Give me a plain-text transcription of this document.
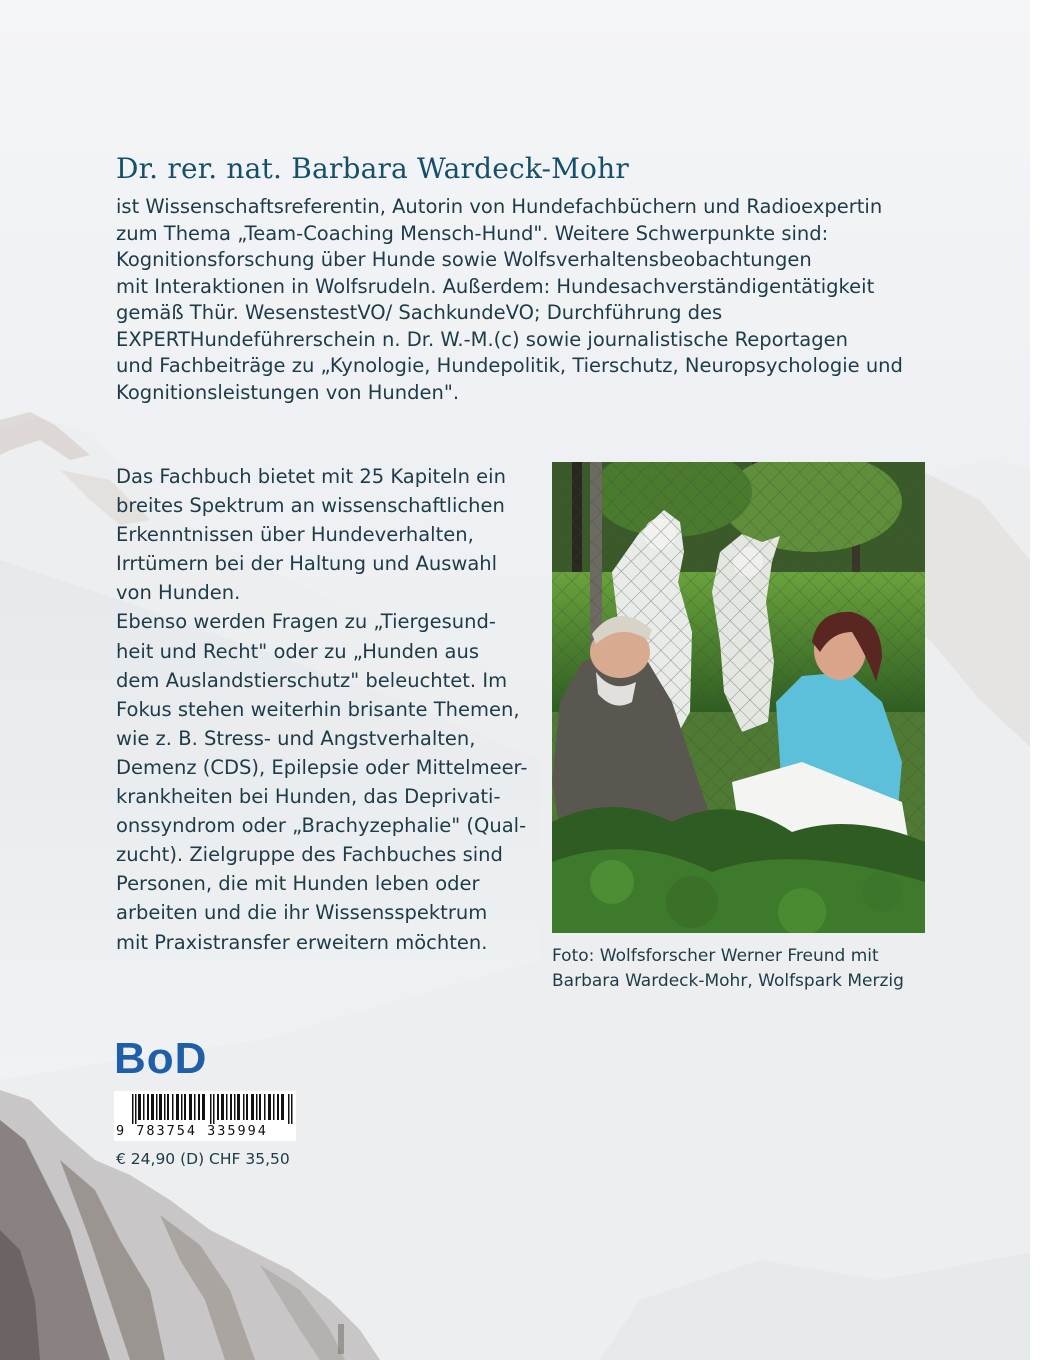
Dr. rer. nat. Barbara Wardeck-Mohr

ist Wissenschaftsreferentin, Autorin von Hundefachbüchern und Radioexpertin
zum Thema „Team-Coaching Mensch-Hund". Weitere Schwerpunkte sind:
Kognitionsforschung über Hunde sowie Wolfsverhaltensbeobachtungen
mit Interaktionen in Wolfsrudeln. Außerdem: Hundesachverständigentätigkeit
gemäß Thür. WesenstestVO/ SachkundeVO; Durchführung des
EXPERTHundeführerschein n. Dr. W.-M.(c) sowie journalistische Reportagen
und Fachbeiträge zu „Kynologie, Hundepolitik, Tierschutz, Neuropsychologie und
Kognitionsleistungen von Hunden".

Das Fachbuch bietet mit 25 Kapiteln ein
breites Spektrum an wissenschaftlichen
Erkenntnissen über Hundeverhalten,
Irrtümern bei der Haltung und Auswahl
von Hunden.
Ebenso werden Fragen zu „Tiergesund-
heit und Recht" oder zu „Hunden aus
dem Auslandstierschutz" beleuchtet. Im
Fokus stehen weiterhin brisante Themen,
wie z. B. Stress- und Angstverhalten,
Demenz (CDS), Epilepsie oder Mittelmeer-
krankheiten bei Hunden, das Deprivati-
onssyndrom oder „Brachyzephalie" (Qual-
zucht). Zielgruppe des Fachbuches sind
Personen, die mit Hunden leben oder
arbeiten und die ihr Wissensspektrum
mit Praxistransfer erweitern möchten.

Foto: Wolfsforscher Werner Freund mit
Barbara Wardeck-Mohr, Wolfspark Merzig

BoD
9 783754 335994
€ 24,90 (D) CHF 35,50
